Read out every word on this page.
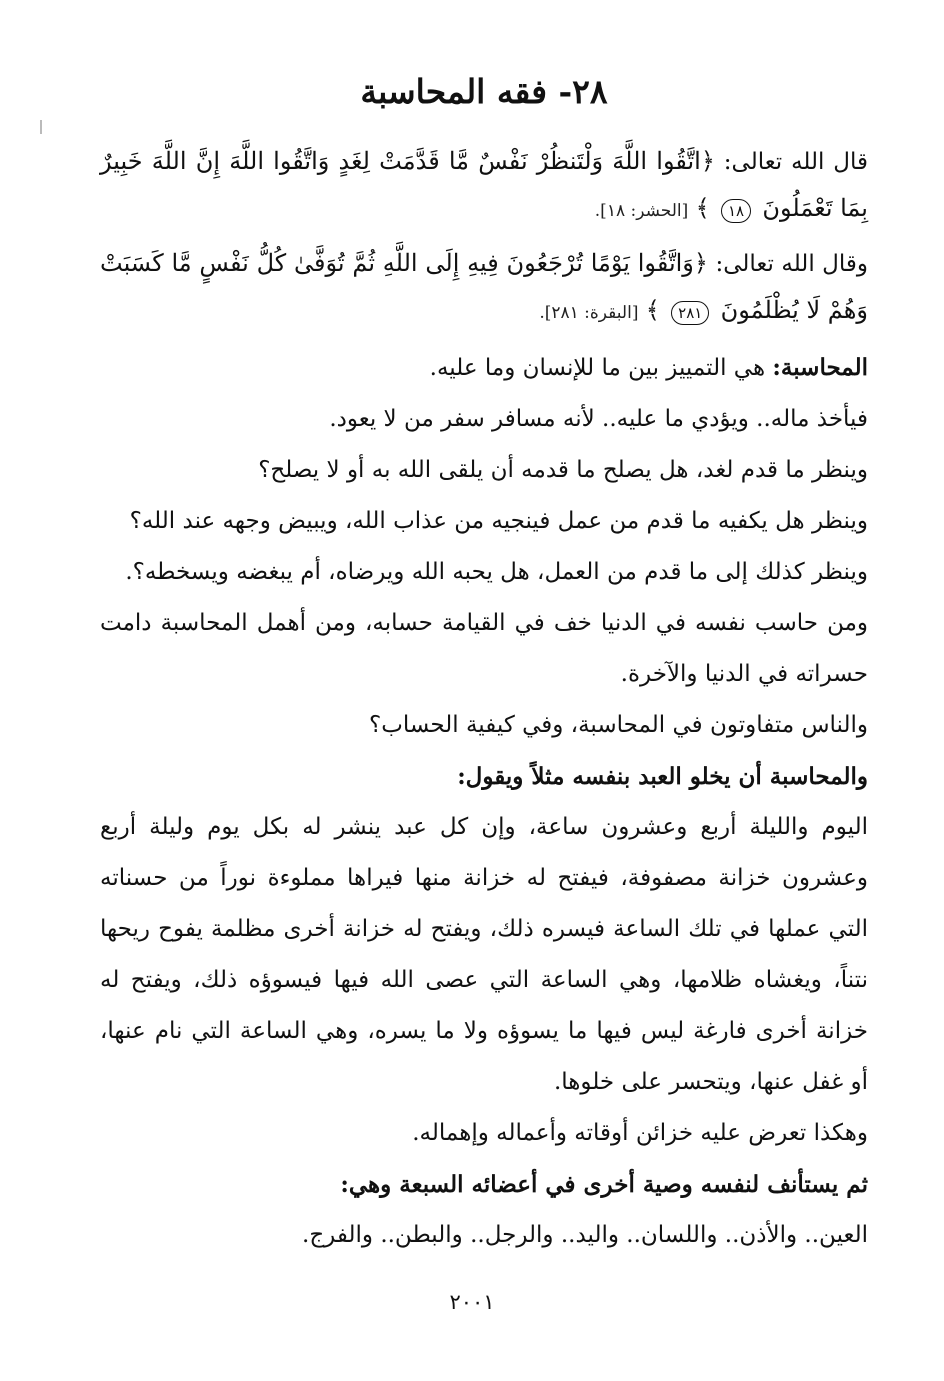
٢٨- فقه المحاسبة

قال الله تعالى: ﴿اتَّقُوا اللَّهَ وَلْتَنظُرْ نَفْسٌ مَّا قَدَّمَتْ لِغَدٍ وَاتَّقُوا اللَّهَ إِنَّ اللَّهَ خَبِيرٌ بِمَا تَعْمَلُونَ ١٨ ﴾ [الحشر: ١٨].

وقال الله تعالى: ﴿وَاتَّقُوا يَوْمًا تُرْجَعُونَ فِيهِ إِلَى اللَّهِ ثُمَّ تُوَفَّىٰ كُلُّ نَفْسٍ مَّا كَسَبَتْ وَهُمْ لَا يُظْلَمُونَ ٢٨١ ﴾ [البقرة: ٢٨١].

المحاسبة: هي التمييز بين ما للإنسان وما عليه.

فيأخذ ماله.. ويؤدي ما عليه.. لأنه مسافر سفر من لا يعود.

وينظر ما قدم لغد، هل يصلح ما قدمه أن يلقى الله به أو لا يصلح؟

وينظر هل يكفيه ما قدم من عمل فينجيه من عذاب الله، ويبيض وجهه عند الله؟

وينظر كذلك إلى ما قدم من العمل، هل يحبه الله ويرضاه، أم يبغضه ويسخطه؟.

ومن حاسب نفسه في الدنيا خف في القيامة حسابه، ومن أهمل المحاسبة دامت حسراته في الدنيا والآخرة.

والناس متفاوتون في المحاسبة، وفي كيفية الحساب؟

والمحاسبة أن يخلو العبد بنفسه مثلاً ويقول:

اليوم والليلة أربع وعشرون ساعة، وإن كل عبد ينشر له بكل يوم وليلة أربع وعشرون خزانة مصفوفة، فيفتح له خزانة منها فيراها مملوءة نوراً من حسناته التي عملها في تلك الساعة فيسره ذلك، ويفتح له خزانة أخرى مظلمة يفوح ريحها نتناً، ويغشاه ظلامها، وهي الساعة التي عصى الله فيها فيسوؤه ذلك، ويفتح له خزانة أخرى فارغة ليس فيها ما يسوؤه ولا ما يسره، وهي الساعة التي نام عنها، أو غفل عنها، ويتحسر على خلوها.

وهكذا تعرض عليه خزائن أوقاته وأعماله وإهماله.

ثم يستأنف لنفسه وصية أخرى في أعضائه السبعة وهي:

العين.. والأذن.. واللسان.. واليد.. والرجل.. والبطن.. والفرج.

٢٠٠١
